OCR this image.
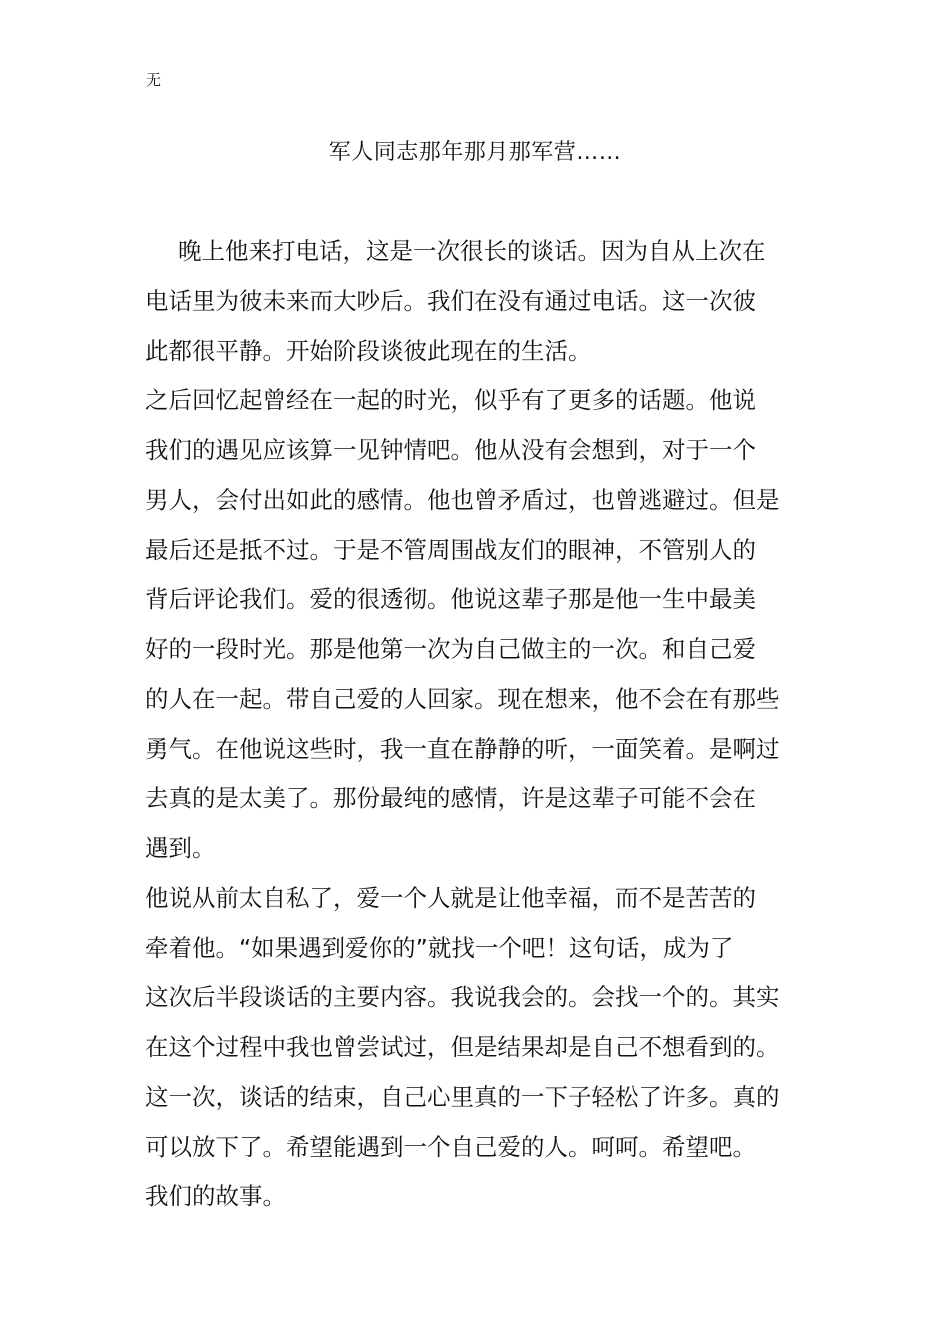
无
军人同志那年那月那军营……
晚上他来打电话，这是一次很长的谈话。因为自从上次在
电话里为彼未来而大吵后。我们在没有通过电话。这一次彼
此都很平静。开始阶段谈彼此现在的生活。
之后回忆起曾经在一起的时光，似乎有了更多的话题。他说
我们的遇见应该算一见钟情吧。他从没有会想到，对于一个
男人，会付出如此的感情。他也曾矛盾过，也曾逃避过。但是
最后还是抵不过。于是不管周围战友们的眼神，不管别人的
背后评论我们。爱的很透彻。他说这辈子那是他一生中最美
好的一段时光。那是他第一次为自己做主的一次。和自己爱
的人在一起。带自己爱的人回家。现在想来，他不会在有那些
勇气。在他说这些时，我一直在静静的听，一面笑着。是啊过
去真的是太美了。那份最纯的感情，许是这辈子可能不会在
遇到。
他说从前太自私了，爱一个人就是让他幸福，而不是苦苦的
牵着他。“如果遇到爱你的”就找一个吧！这句话，成为了
这次后半段谈话的主要内容。我说我会的。会找一个的。其实
在这个过程中我也曾尝试过，但是结果却是自己不想看到的。
这一次，谈话的结束，自己心里真的一下子轻松了许多。真的
可以放下了。希望能遇到一个自己爱的人。呵呵。希望吧。
我们的故事。
